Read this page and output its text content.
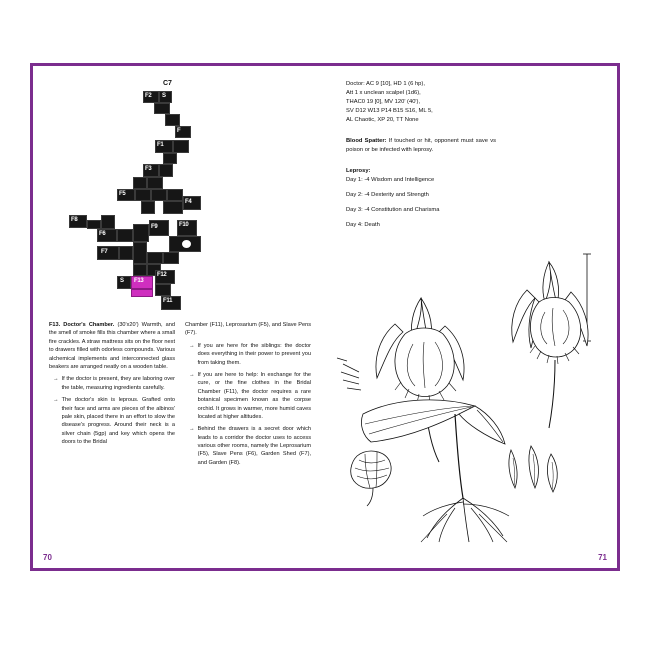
C7
F2 S
F
F1
F3
F5
F4
F8
F6
F9	F10
F7
S F13
F12
F11

F13. Doctor's Chamber. (30'x20') Warmth, and the smell of smoke fills this chamber where a small fire crackles. A straw mattress sits on the floor next to drawers filled with odorless compounds. Various alchemical implements and interconnected glass beakers are arranged neatly on a wooden table.

→ If the doctor is present, they are laboring over the table, measuring ingredients carefully.
→ The doctor's skin is leprous. Grafted onto their face and arms are pieces of the albinos' pale skin, placed there in an effort to slow the disease's progress. Around their neck is a silver chain (5gp) and key which opens the doors to the Bridal

Chamber (F11), Leprosarium (F5), and Slave Pens (F7).

→ If you are here for the siblings: the doctor does everything in their power to prevent you from taking them.
→ If you are here to help: In exchange for the cure, or the fine clothes in the Bridal Chamber (F11), the doctor requires a rare botanical specimen known as the corpse orchid. It grows in warmer, more humid caves located at higher altitudes.
→ Behind the drawers is a secret door which leads to a corridor the doctor uses to access various other rooms, namely the Leprosarium (F5), Slave Pens (F6), Garden Shed (F7), and Garden (F8).
70

Doctor: AC 9 [10], HD 1 (6 hp),
Att 1 x unclean scalpel (1d6),
THAC0 19 [0], MV 120' (40'),
SV D12 W13 P14 B15 S16, ML 5,
AL Chaotic, XP 20, TT None

Blood Spatter: If touched or hit, opponent must save vs poison or be infected with leprosy.

Leprosy:

Day 1: -4 Wisdom and Intelligence

Day 2: -4 Dexterity and Strength

Day 3: -4 Constitution and Charisma

Day 4: Death

71
